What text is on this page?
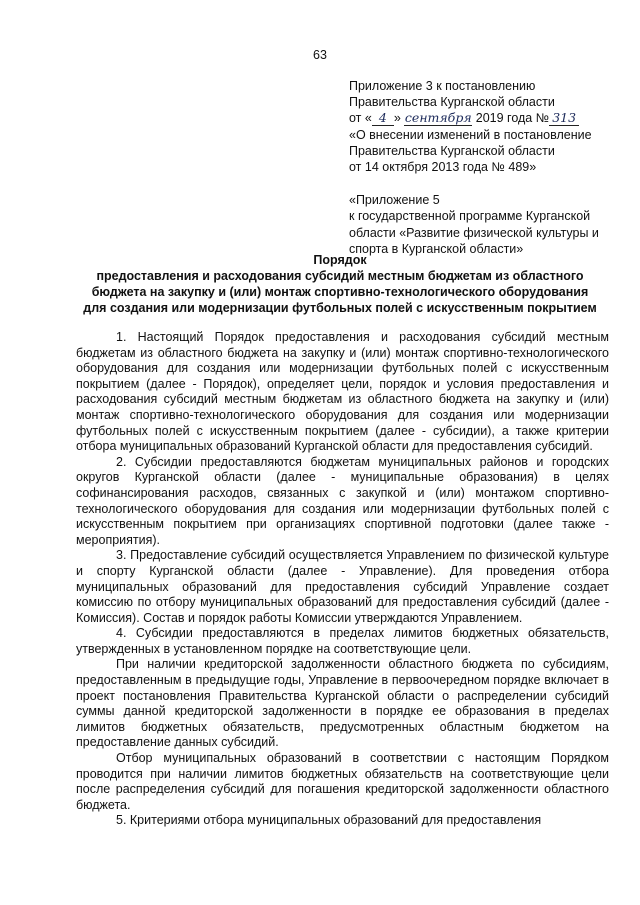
63
Приложение 3 к постановлению
Правительства Курганской области
от « 4 » сентября 2019 года № 313
«О внесении изменений в постановление
Правительства Курганской области
от 14 октября 2013 года № 489»
«Приложение 5
к государственной программе Курганской
области «Развитие физической культуры и
спорта в Курганской области»
Порядок
предоставления и расходования субсидий местным бюджетам из областного
бюджета на закупку и (или) монтаж спортивно-технологического оборудования
для создания или модернизации футбольных полей с искусственным покрытием

1. Настоящий Порядок предоставления и расходования субсидий местным бюджетам из областного бюджета на закупку и (или) монтаж спортивно-технологического оборудования для создания или модернизации футбольных полей с искусственным покрытием (далее - Порядок), определяет цели, порядок и условия предоставления и расходования субсидий местным бюджетам из областного бюджета на закупку и (или) монтаж спортивно-технологического оборудования для создания или модернизации футбольных полей с искусственным покрытием (далее - субсидии), а также критерии отбора муниципальных образований Курганской области для предоставления субсидий.

2. Субсидии предоставляются бюджетам муниципальных районов и городских округов Курганской области (далее - муниципальные образования) в целях софинансирования расходов, связанных с закупкой и (или) монтажом спортивно-технологического оборудования для создания или модернизации футбольных полей с искусственным покрытием при организациях спортивной подготовки (далее также - мероприятия).

3. Предоставление субсидий осуществляется Управлением по физической культуре и спорту Курганской области (далее - Управление). Для проведения отбора муниципальных образований для предоставления субсидий Управление создает комиссию по отбору муниципальных образований для предоставления субсидий (далее - Комиссия). Состав и порядок работы Комиссии утверждаются Управлением.

4. Субсидии предоставляются в пределах лимитов бюджетных обязательств, утвержденных в установленном порядке на соответствующие цели.

При наличии кредиторской задолженности областного бюджета по субсидиям, предоставленным в предыдущие годы, Управление в первоочередном порядке включает в проект постановления Правительства Курганской области о распределении субсидий суммы данной кредиторской задолженности в порядке ее образования в пределах лимитов бюджетных обязательств, предусмотренных областным бюджетом на предоставление данных субсидий.

Отбор муниципальных образований в соответствии с настоящим Порядком проводится при наличии лимитов бюджетных обязательств на соответствующие цели после распределения субсидий для погашения кредиторской задолженности областного бюджета.

5. Критериями отбора муниципальных образований для предоставления
